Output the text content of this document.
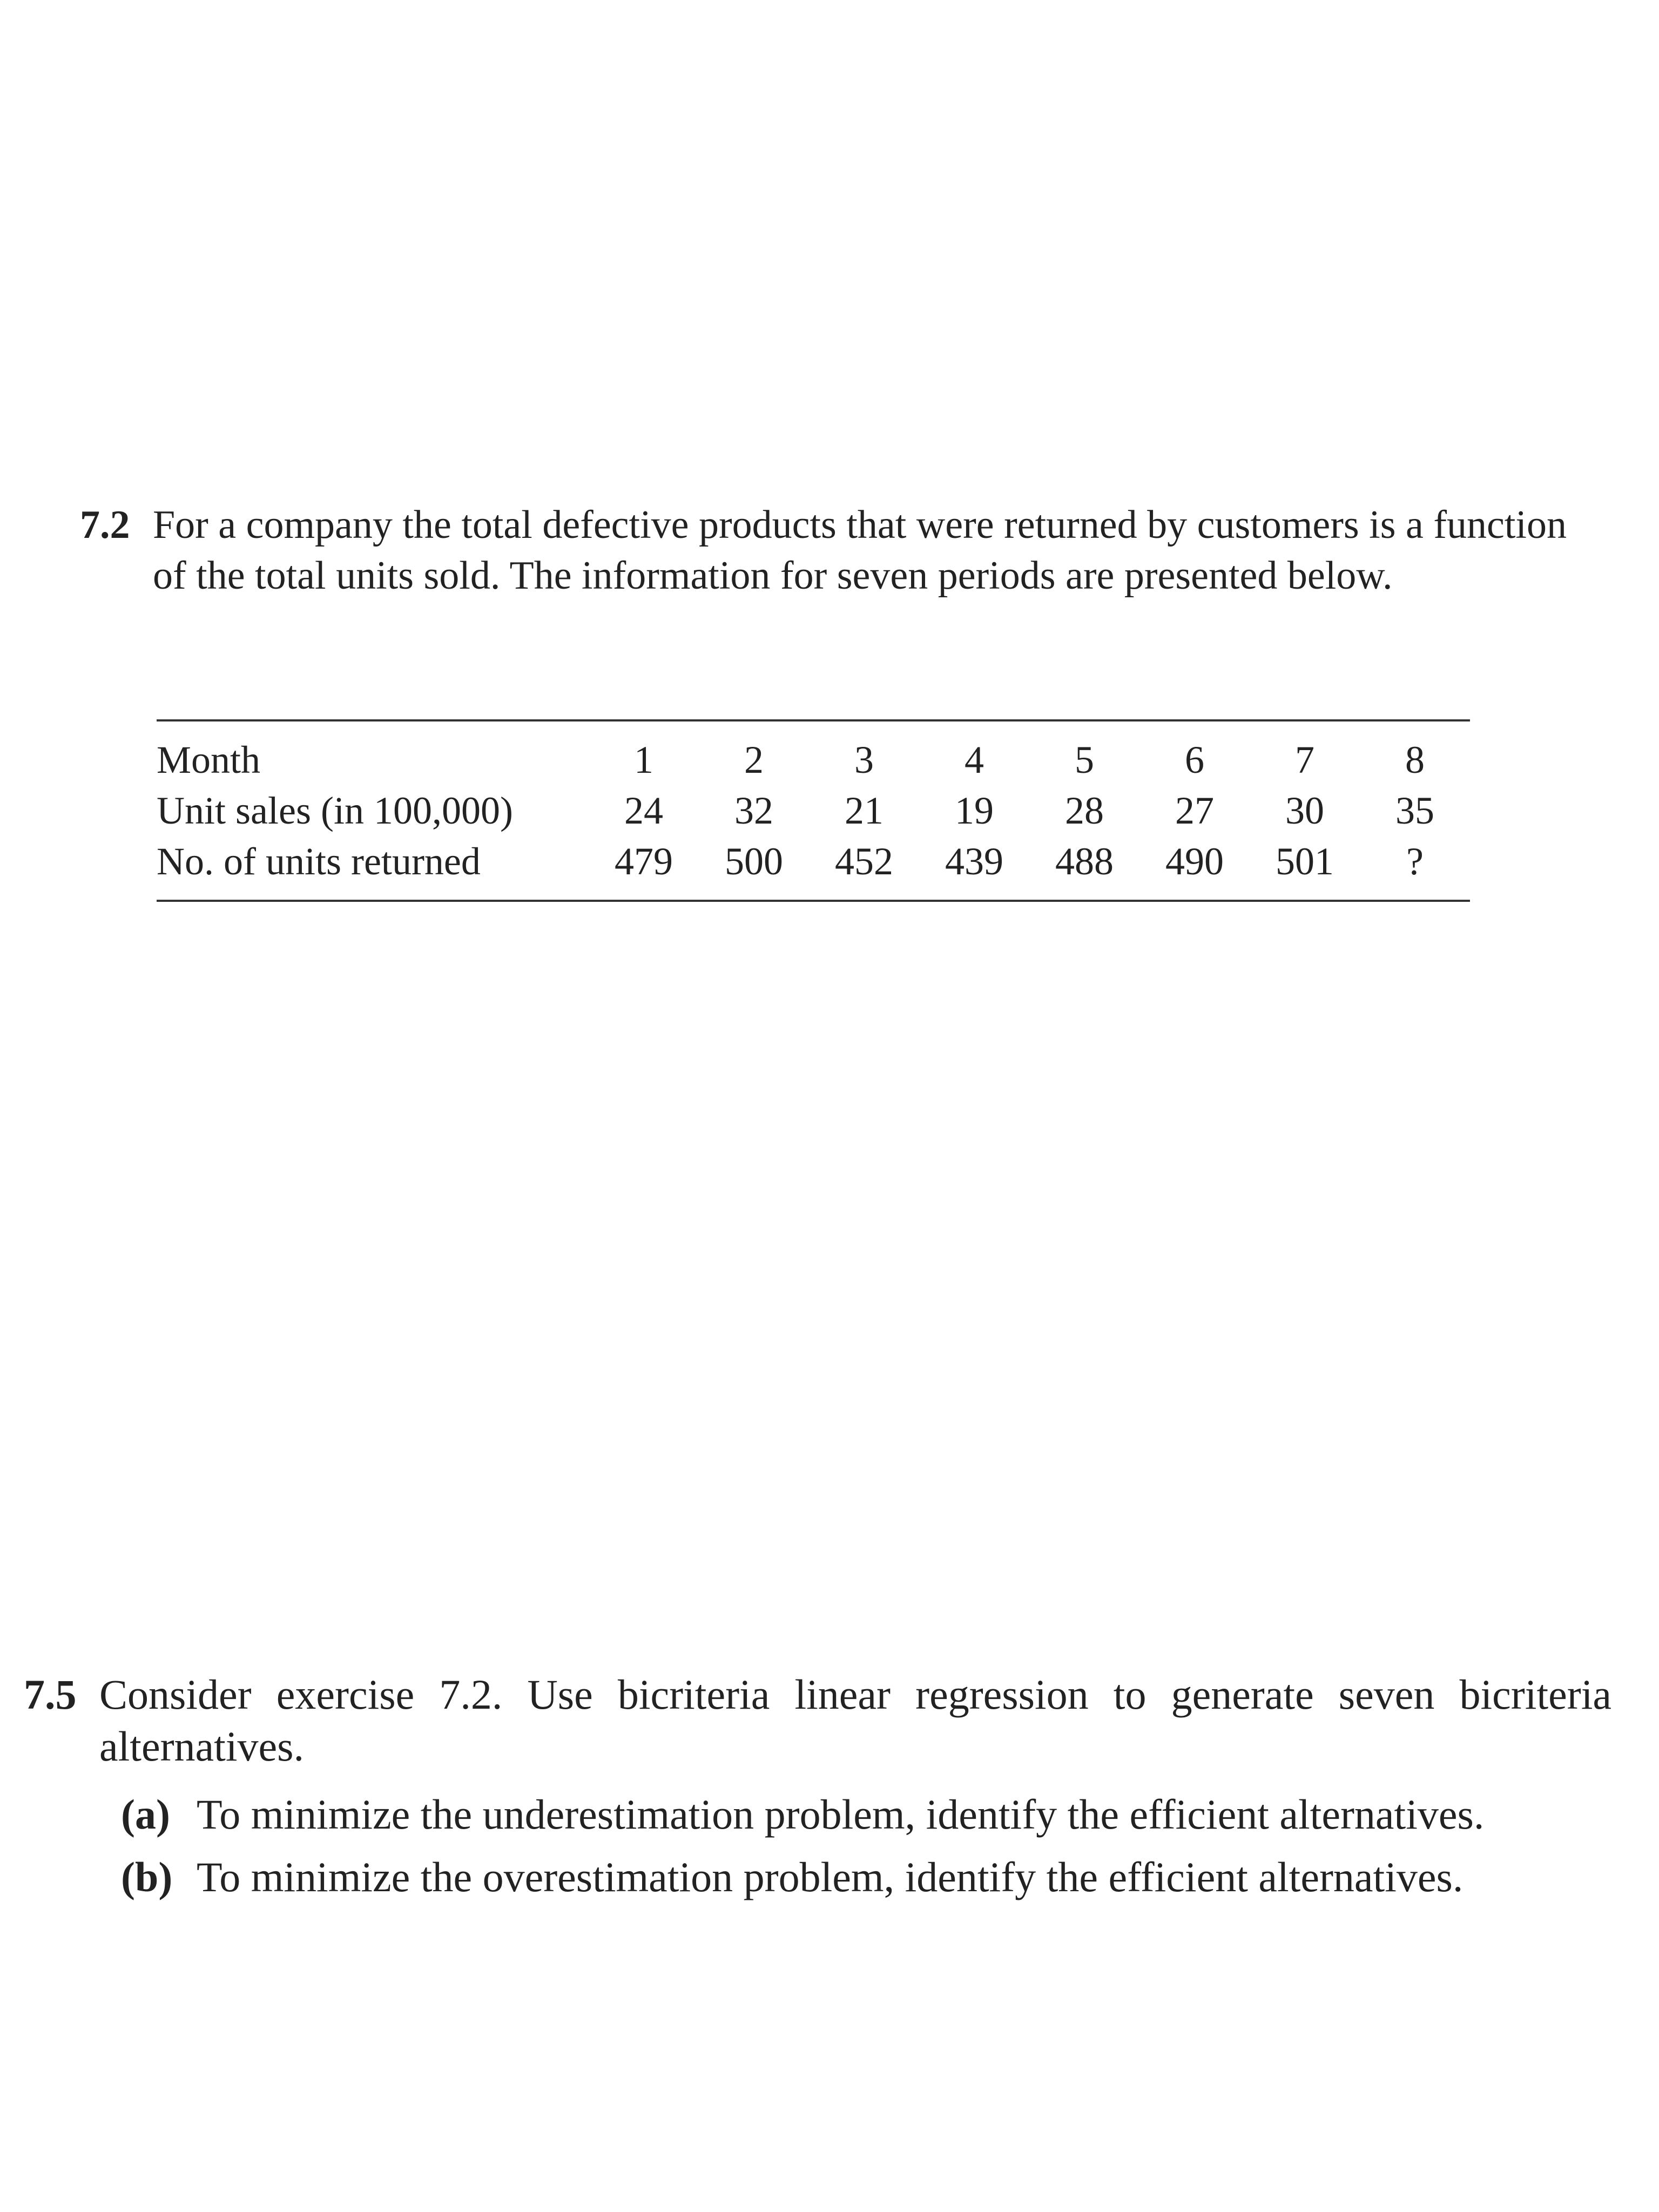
7.2 For a company the total defective products that were returned by customers is a function of the total units sold. The information for seven periods are presented below.
Month	1	2	3	4	5	6	7	8
Unit sales (in 100,000)	24	32	21	19	28	27	30	35
No. of units returned	479	500	452	439	488	490	501	?
7.5 Consider exercise 7.2. Use bicriteria linear regression to generate seven bicriteria alternatives.
(a) To minimize the underestimation problem, identify the efficient alternatives.
(b) To minimize the overestimation problem, identify the efficient alternatives.
